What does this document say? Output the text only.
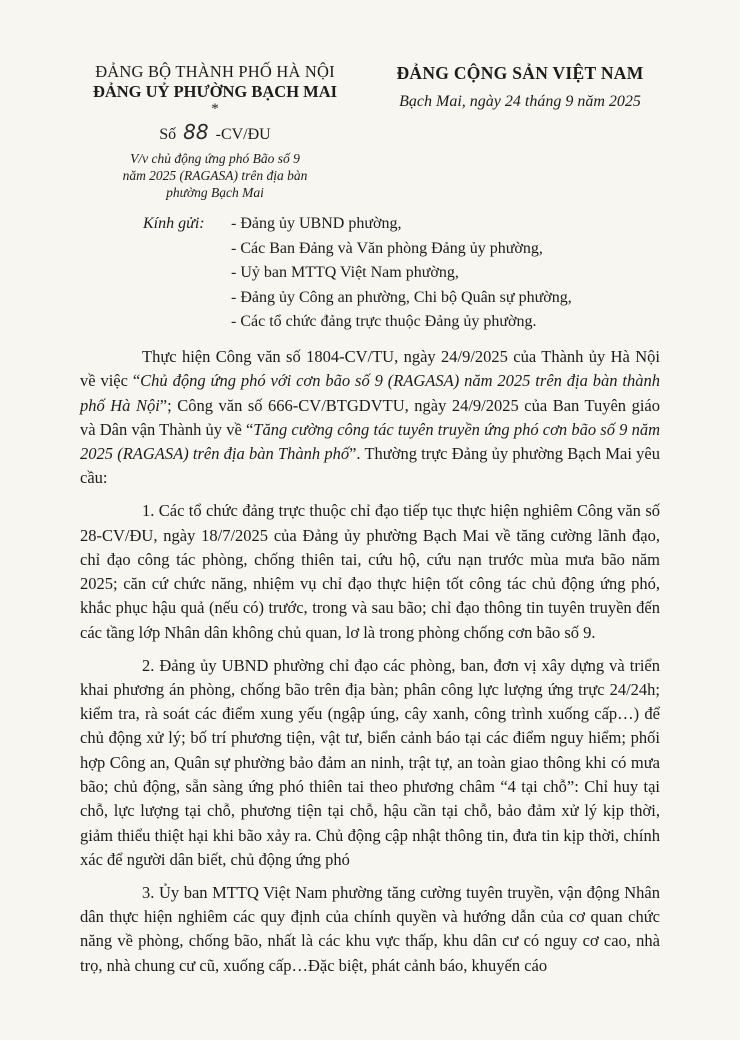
ĐẢNG BỘ THÀNH PHỐ HÀ NỘI
ĐẢNG UỶ PHƯỜNG BẠCH MAI
*
Số 88 -CV/ĐU
V/v chủ động ứng phó Bão số 9
năm 2025 (RAGASA) trên địa bàn
phường Bạch Mai
ĐẢNG CỘNG SẢN VIỆT NAM
Bạch Mai, ngày 24 tháng 9 năm 2025
Kính gửi: - Đảng ủy UBND phường,
- Các Ban Đảng và Văn phòng Đảng ủy phường,
- Uỷ ban MTTQ Việt Nam phường,
- Đảng ủy Công an phường, Chi bộ Quân sự phường,
- Các tổ chức đảng trực thuộc Đảng ủy phường.

Thực hiện Công văn số 1804-CV/TU, ngày 24/9/2025 của Thành ủy Hà Nội về việc “Chủ động ứng phó với cơn bão số 9 (RAGASA) năm 2025 trên địa bàn thành phố Hà Nội”; Công văn số 666-CV/BTGDVTU, ngày 24/9/2025 của Ban Tuyên giáo và Dân vận Thành ủy về “Tăng cường công tác tuyên truyền ứng phó cơn bão số 9 năm 2025 (RAGASA) trên địa bàn Thành phố”. Thường trực Đảng ủy phường Bạch Mai yêu cầu:

1. Các tổ chức đảng trực thuộc chỉ đạo tiếp tục thực hiện nghiêm Công văn số 28-CV/ĐU, ngày 18/7/2025 của Đảng ủy phường Bạch Mai về tăng cường lãnh đạo, chỉ đạo công tác phòng, chống thiên tai, cứu hộ, cứu nạn trước mùa mưa bão năm 2025; căn cứ chức năng, nhiệm vụ chỉ đạo thực hiện tốt công tác chủ động ứng phó, khắc phục hậu quả (nếu có) trước, trong và sau bão; chỉ đạo thông tin tuyên truyền đến các tầng lớp Nhân dân không chủ quan, lơ là trong phòng chống cơn bão số 9.

2. Đảng ủy UBND phường chỉ đạo các phòng, ban, đơn vị xây dựng và triển khai phương án phòng, chống bão trên địa bàn; phân công lực lượng ứng trực 24/24h; kiểm tra, rà soát các điểm xung yếu (ngập úng, cây xanh, công trình xuống cấp…) để chủ động xử lý; bố trí phương tiện, vật tư, biển cảnh báo tại các điểm nguy hiểm; phối hợp Công an, Quân sự phường bảo đảm an ninh, trật tự, an toàn giao thông khi có mưa bão; chủ động, sẵn sàng ứng phó thiên tai theo phương châm “4 tại chỗ”: Chỉ huy tại chỗ, lực lượng tại chỗ, phương tiện tại chỗ, hậu cần tại chỗ, bảo đảm xử lý kịp thời, giảm thiểu thiệt hại khi bão xảy ra. Chủ động cập nhật thông tin, đưa tin kịp thời, chính xác để người dân biết, chủ động ứng phó

3. Ủy ban MTTQ Việt Nam phường tăng cường tuyên truyền, vận động Nhân dân thực hiện nghiêm các quy định của chính quyền và hướng dẫn của cơ quan chức năng về phòng, chống bão, nhất là các khu vực thấp, khu dân cư có nguy cơ cao, nhà trọ, nhà chung cư cũ, xuống cấp…Đặc biệt, phát cảnh báo, khuyến cáo
